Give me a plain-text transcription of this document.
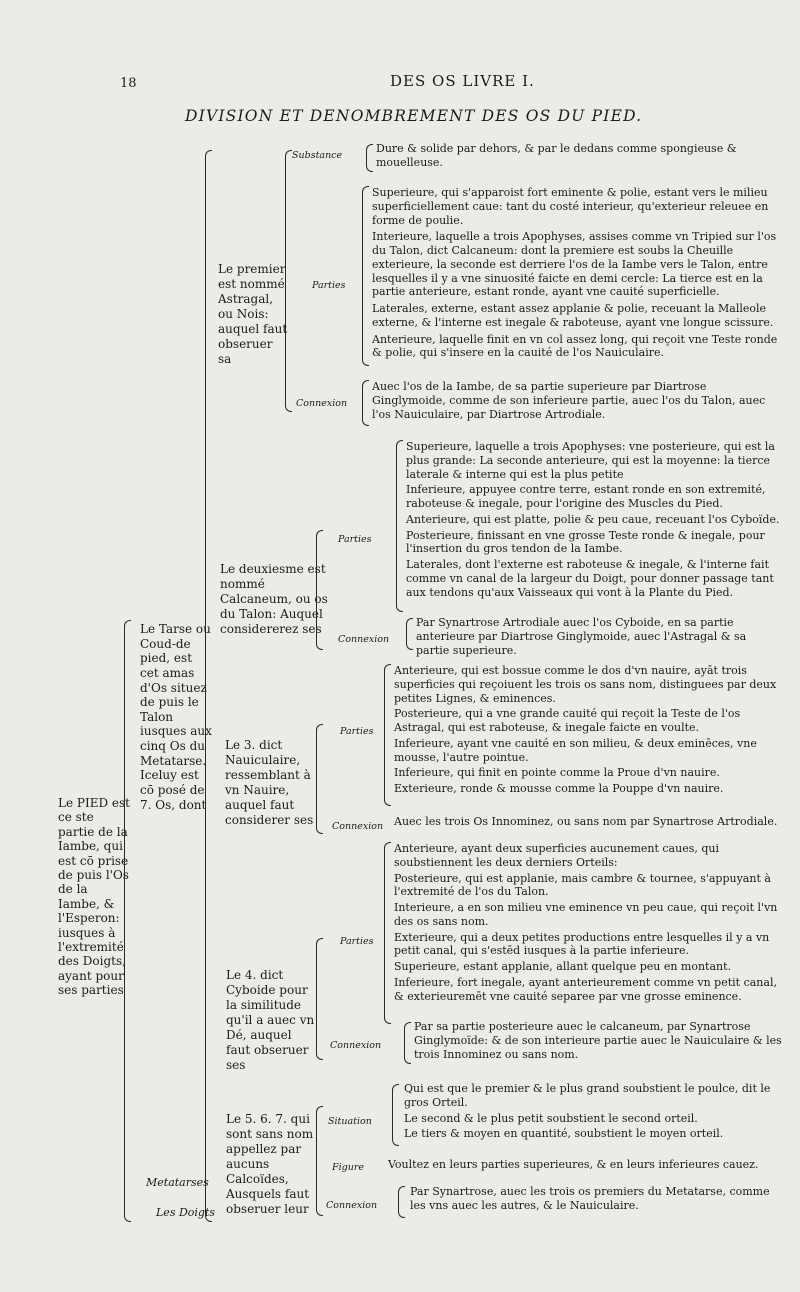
18	DES OS LIVRE I.
DIVISION ET DENOMBREMENT DES OS DU PIED.
Le PIED est ce ste partie de la Iambe, qui est cō prise de puis l'Os de la Iambe, & l'Esperon: iusques à l'extremité des Doigts, ayant pour ses parties
Le Tarse ou Coud-de pied, est cet amas d'Os situez de puis le Talon iusques aux cinq Os du Metatarse. Iceluy est cō posé de 7. Os, dont
Metatarses
Les Doigts
Le premier est nommé Astragal, ou Nois: auquel faut obseruer sa
Substance
Dure & solide par dehors, & par le dedans comme spongieuse & mouelleuse.
Parties
Superieure, qui s'apparoist fort eminente & polie, estant vers le milieu superficiellement caue: tant du costé interieur, qu'exterieur releuee en forme de poulie.
Interieure, laquelle a trois Apophyses, assises comme vn Tripied sur l'os du Talon, dict Calcaneum: dont la premiere est soubs la Cheuille exterieure, la seconde est derriere l'os de la Iambe vers le Talon, entre lesquelles il y a vne sinuosité faicte en demi cercle: La tierce est en la partie anterieure, estant ronde, ayant vne cauité superficielle.
Laterales, externe, estant assez applanie & polie, receuant la Malleole externe, & l'interne est inegale & raboteuse, ayant vne longue scissure.
Anterieure, laquelle finit en vn col assez long, qui reçoit vne Teste ronde & polie, qui s'insere en la cauité de l'os Nauiculaire.
Connexion
Auec l'os de la Iambe, de sa partie superieure par Diartrose Ginglymoide, comme de son inferieure partie, auec l'os du Talon, auec l'os Nauiculaire, par Diartrose Artrodiale.
Le deuxiesme est nommé Calcaneum, ou os du Talon: Auquel considererez ses
Parties
Superieure, laquelle a trois Apophyses: vne posterieure, qui est la plus grande: La seconde anterieure, qui est la moyenne: la tierce laterale & interne qui est la plus petite
Inferieure, appuyee contre terre, estant ronde en son extremité, raboteuse & inegale, pour l'origine des Muscles du Pied.
Anterieure, qui est platte, polie & peu caue, receuant l'os Cyboïde.
Posterieure, finissant en vne grosse Teste ronde & inegale, pour l'insertion du gros tendon de la Iambe.
Laterales, dont l'externe est raboteuse & inegale, & l'interne fait comme vn canal de la largeur du Doigt, pour donner passage tant aux tendons qu'aux Vaisseaux qui vont à la Plante du Pied.
Connexion
Par Synartrose Artrodiale auec l'os Cyboide, en sa partie anterieure par Diartrose Ginglymoide, auec l'Astragal & sa partie superieure.
Le 3. dict Nauiculaire, ressemblant à vn Nauire, auquel faut considerer ses
Parties
Anterieure, qui est bossue comme le dos d'vn nauire, ayāt trois superficies qui reçoiuent les trois os sans nom, distinguees par deux petites Lignes, & eminences.
Posterieure, qui a vne grande cauité qui reçoit la Teste de l'os Astragal, qui est raboteuse, & inegale faicte en voulte.
Inferieure, ayant vne cauité en son milieu, & deux eminēces, vne mousse, l'autre pointue.
Inferieure, qui finit en pointe comme la Proue d'vn nauire.
Exterieure, ronde & mousse comme la Pouppe d'vn nauire.
Connexion Auec les trois Os Innominez, ou sans nom par Synartrose Artrodiale.
Le 4. dict Cyboide pour la similitude qu'il a auec vn Dé, auquel faut obseruer ses
Parties
Anterieure, ayant deux superficies aucunement caues, qui soubstiennent les deux derniers Orteils:
Posterieure, qui est applanie, mais cambre & tournee, s'appuyant à l'extremité de l'os du Talon.
Interieure, a en son milieu vne eminence vn peu caue, qui reçoit l'vn des os sans nom.
Exterieure, qui a deux petites productions entre lesquelles il y a vn petit canal, qui s'estēd iusques à la partie inferieure.
Superieure, estant applanie, allant quelque peu en montant.
Inferieure, fort inegale, ayant anterieurement comme vn petit canal, & exterieuremēt vne cauité separee par vne grosse eminence.
Connexion
Par sa partie posterieure auec le calcaneum, par Synartrose Ginglymoïde: & de son interieure partie auec le Nauiculaire & les trois Innominez ou sans nom.
Le 5. 6. 7. qui sont sans nom appellez par aucuns Calcoïdes, Ausquels faut obseruer leur
Situation
Qui est que le premier & le plus grand soubstient le poulce, dit le gros Orteil.
Le second & le plus petit soubstient le second orteil.
Le tiers & moyen en quantité, soubstient le moyen orteil.
Figure Voultez en leurs parties superieures, & en leurs inferieures cauez.
Connexion
Par Synartrose, auec les trois os premiers du Metatarse, comme les vns auec les autres, & le Nauiculaire.
